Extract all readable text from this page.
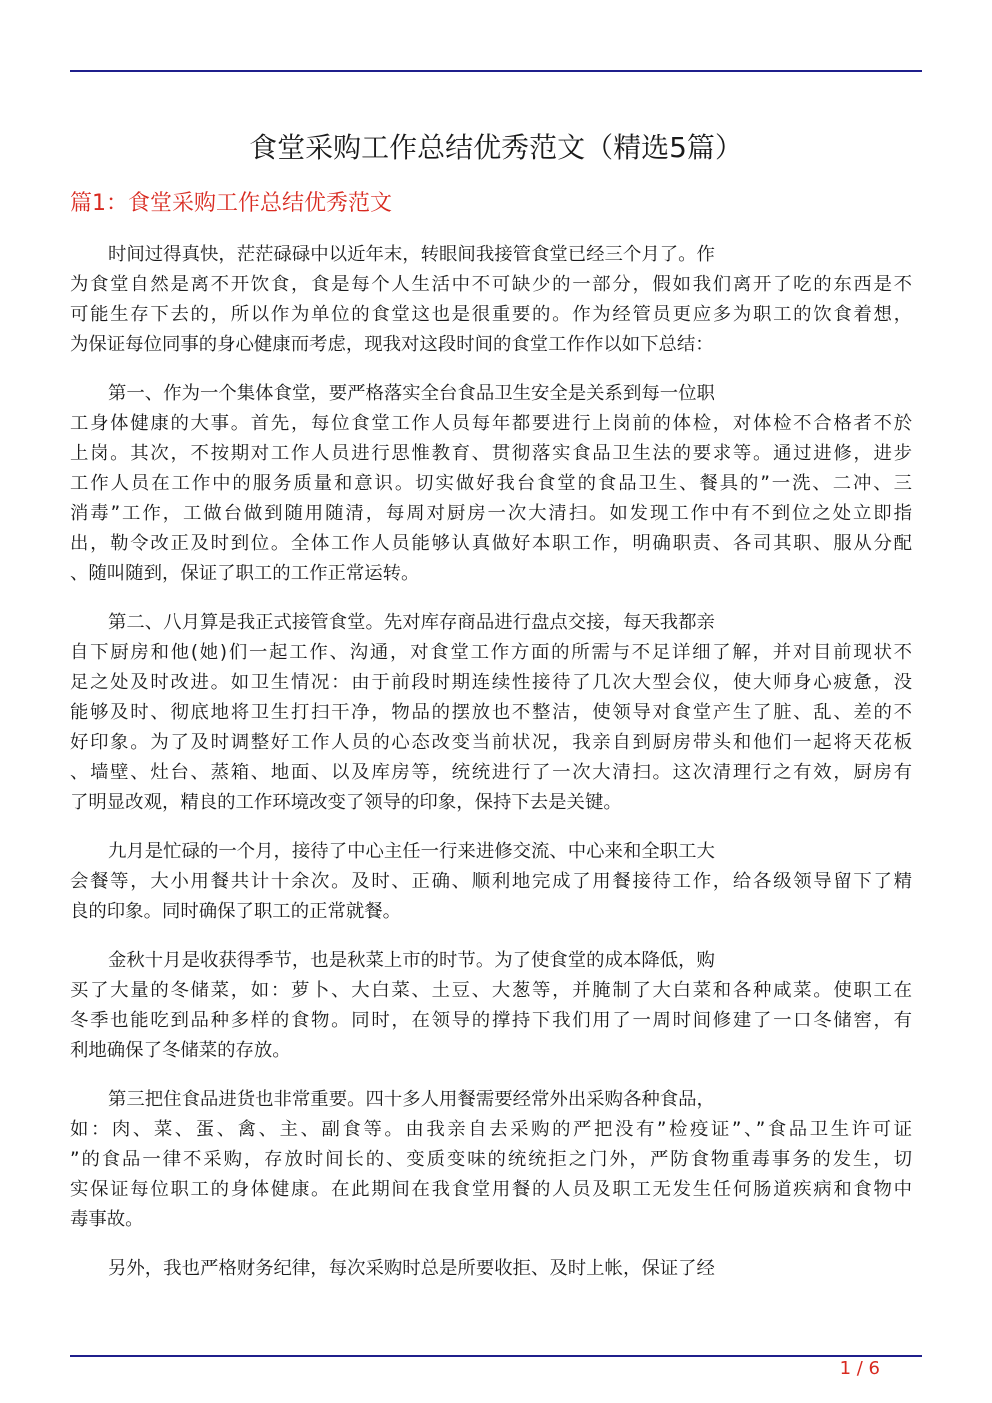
食堂采购工作总结优秀范文（精选5篇）
篇1：食堂采购工作总结优秀范文
时间过得真快，茫茫碌碌中以近年末，转眼间我接管食堂已经三个月了。作
为食堂自然是离不开饮食，食是每个人生活中不可缺少的一部分，假如我们离开了吃的东西是不
可能生存下去的，所以作为单位的食堂这也是很重要的。作为经管员更应多为职工的饮食着想，
为保证每位同事的身心健康而考虑，现我对这段时间的食堂工作作以如下总结：
第一、作为一个集体食堂，要严格落实全台食品卫生安全是关系到每一位职
工身体健康的大事。首先，每位食堂工作人员每年都要进行上岗前的体检，对体检不合格者不於
上岗。其次，不按期对工作人员进行思惟教育、贯彻落实食品卫生法的要求等。通过进修，进步
工作人员在工作中的服务质量和意识。切实做好我台食堂的食品卫生、餐具的”一洗、二冲、三
消毒”工作，工做台做到随用随清，每周对厨房一次大清扫。如发现工作中有不到位之处立即指
出，勒令改正及时到位。全体工作人员能够认真做好本职工作，明确职责、各司其职、服从分配
、随叫随到，保证了职工的工作正常运转。
第二、八月算是我正式接管食堂。先对库存商品进行盘点交接，每天我都亲
自下厨房和他(她)们一起工作、沟通，对食堂工作方面的所需与不足详细了解，并对目前现状不
足之处及时改进。如卫生情况：由于前段时期连续性接待了几次大型会仪，使大师身心疲惫，没
能够及时、彻底地将卫生打扫干净，物品的摆放也不整洁，使领导对食堂产生了脏、乱、差的不
好印象。为了及时调整好工作人员的心态改变当前状况，我亲自到厨房带头和他们一起将天花板
、墙壁、灶台、蒸箱、地面、以及库房等，统统进行了一次大清扫。这次清理行之有效，厨房有
了明显改观，精良的工作环境改变了领导的印象，保持下去是关键。
九月是忙碌的一个月，接待了中心主任一行来进修交流、中心来和全职工大
会餐等，大小用餐共计十余次。及时、正确、顺利地完成了用餐接待工作，给各级领导留下了精
良的印象。同时确保了职工的正常就餐。
金秋十月是收获得季节，也是秋菜上市的时节。为了使食堂的成本降低，购
买了大量的冬储菜，如：萝卜、大白菜、土豆、大葱等，并腌制了大白菜和各种咸菜。使职工在
冬季也能吃到品种多样的食物。同时，在领导的撑持下我们用了一周时间修建了一口冬储窖，有
利地确保了冬储菜的存放。
第三把住食品进货也非常重要。四十多人用餐需要经常外出采购各种食品，
如：肉、菜、蛋、禽、主、副食等。由我亲自去采购的严把没有”检疫证”、”食品卫生许可证
”的食品一律不采购，存放时间长的、变质变味的统统拒之门外，严防食物重毒事务的发生，切
实保证每位职工的身体健康。在此期间在我食堂用餐的人员及职工无发生任何肠道疾病和食物中
毒事故。
另外，我也严格财务纪律，每次采购时总是所要收拒、及时上帐，保证了经
1 / 6
